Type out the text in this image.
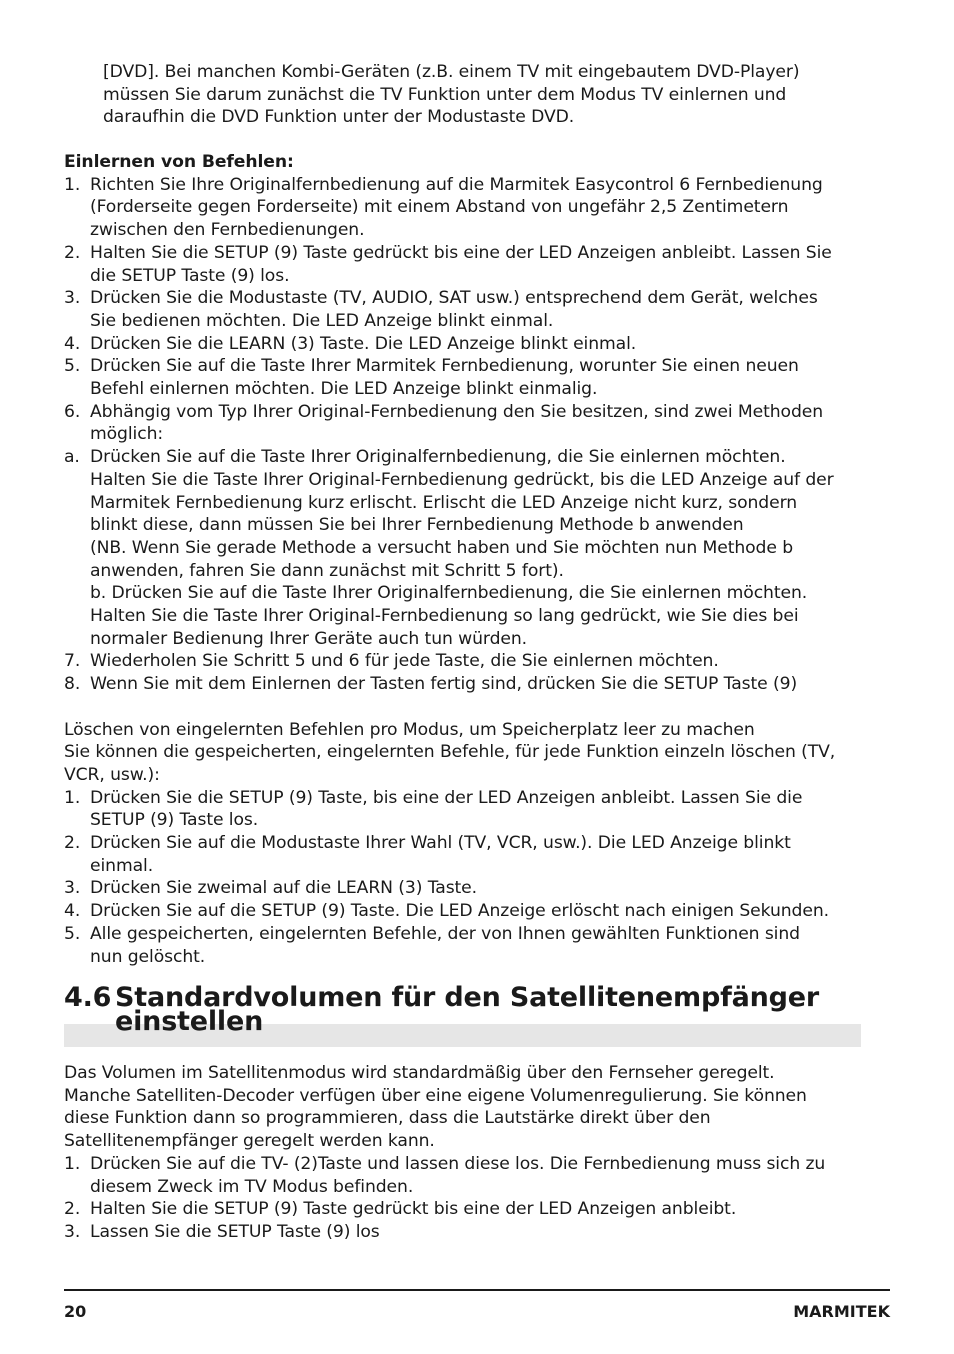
[DVD]. Bei manchen Kombi-Geräten (z.B. einem TV mit eingebautem DVD-Player)

müssen Sie darum zunächst die TV Funktion unter dem Modus TV einlernen und

daraufhin die DVD Funktion unter der Modustaste DVD.

Einlernen von Befehlen:

1. Richten Sie Ihre Originalfernbedienung auf die Marmitek Easycontrol 6 Fernbedienung
(Forderseite gegen Forderseite) mit einem Abstand von ungefähr 2,5 Zentimetern
zwischen den Fernbedienungen.
2. Halten Sie die SETUP (9) Taste gedrückt bis eine der LED Anzeigen anbleibt. Lassen Sie
die SETUP Taste (9) los.
3. Drücken Sie die Modustaste (TV, AUDIO, SAT usw.) entsprechend dem Gerät, welches
Sie bedienen möchten. Die LED Anzeige blinkt einmal.
4. Drücken Sie die LEARN (3) Taste. Die LED Anzeige blinkt einmal.
5. Drücken Sie auf die Taste Ihrer Marmitek Fernbedienung, worunter Sie einen neuen
Befehl einlernen möchten. Die LED Anzeige blinkt einmalig.
6. Abhängig vom Typ Ihrer Original-Fernbedienung den Sie besitzen, sind zwei Methoden
möglich:
a. Drücken Sie auf die Taste Ihrer Originalfernbedienung, die Sie einlernen möchten.
Halten Sie die Taste Ihrer Original-Fernbedienung gedrückt, bis die LED Anzeige auf der
Marmitek Fernbedienung kurz erlischt. Erlischt die LED Anzeige nicht kurz, sondern
blinkt diese, dann müssen Sie bei Ihrer Fernbedienung Methode b anwenden
(NB. Wenn Sie gerade Methode a versucht haben und Sie möchten nun Methode b
anwenden, fahren Sie dann zunächst mit Schritt 5 fort).
b. Drücken Sie auf die Taste Ihrer Originalfernbedienung, die Sie einlernen möchten.
Halten Sie die Taste Ihrer Original-Fernbedienung so lang gedrückt, wie Sie dies bei
normaler Bedienung Ihrer Geräte auch tun würden.
7. Wiederholen Sie Schritt 5 und 6 für jede Taste, die Sie einlernen möchten.
8. Wenn Sie mit dem Einlernen der Tasten fertig sind, drücken Sie die SETUP Taste (9)

Löschen von eingelernten Befehlen pro Modus, um Speicherplatz leer zu machen

Sie können die gespeicherten, eingelernten Befehle, für jede Funktion einzeln löschen (TV,

VCR, usw.):

1. Drücken Sie die SETUP (9) Taste, bis eine der LED Anzeigen anbleibt. Lassen Sie die
SETUP (9) Taste los.
2. Drücken Sie auf die Modustaste Ihrer Wahl (TV, VCR, usw.). Die LED Anzeige blinkt
einmal.
3. Drücken Sie zweimal auf die LEARN (3) Taste.
4. Drücken Sie auf die SETUP (9) Taste. Die LED Anzeige erlöscht nach einigen Sekunden.
5. Alle gespeicherten, eingelernten Befehle, der von Ihnen gewählten Funktionen sind
nun gelöscht.
4.6 Standardvolumen für den Satellitenempfänger
einstellen

Das Volumen im Satellitenmodus wird standardmäßig über den Fernseher geregelt.

Manche Satelliten-Decoder verfügen über eine eigene Volumenregulierung. Sie können

diese Funktion dann so programmieren, dass die Lautstärke direkt über den

Satellitenempfänger geregelt werden kann.

1. Drücken Sie auf die TV- (2)Taste und lassen diese los. Die Fernbedienung muss sich zu
diesem Zweck im TV Modus befinden.
2. Halten Sie die SETUP (9) Taste gedrückt bis eine der LED Anzeigen anbleibt.
3. Lassen Sie die SETUP Taste (9) los
20	MARMITEK
